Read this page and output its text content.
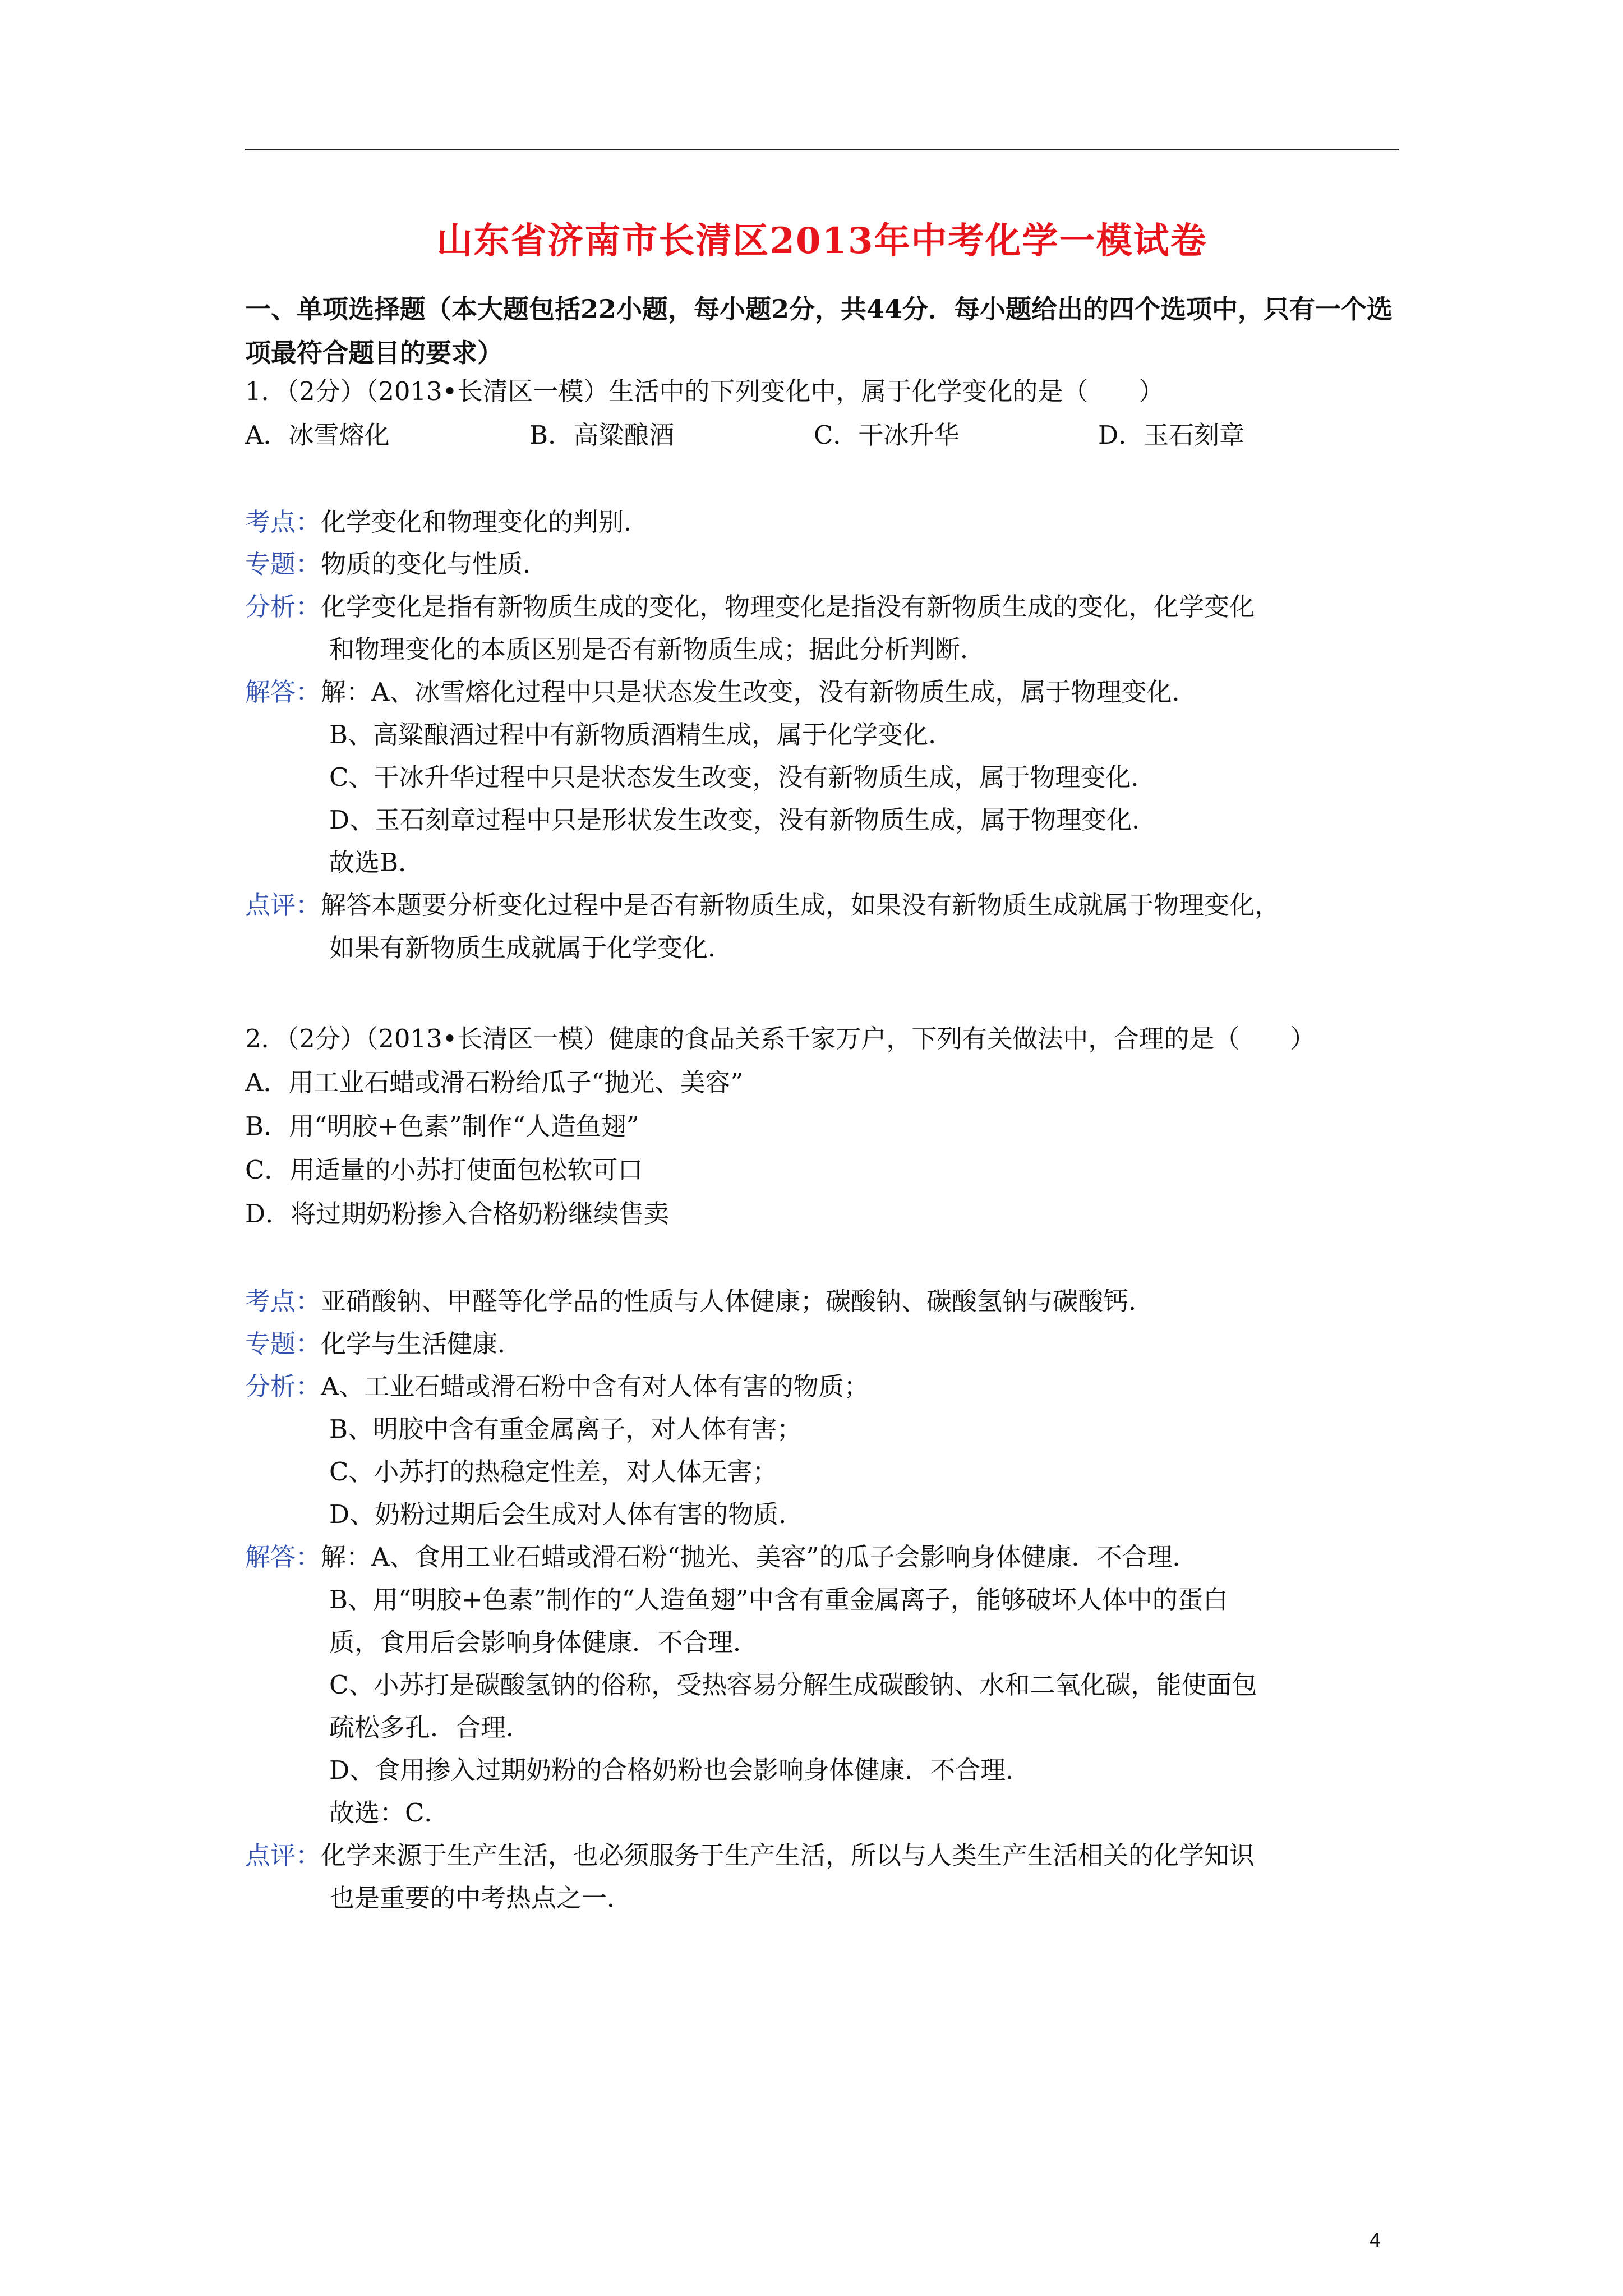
山东省济南市长清区2013年中考化学一模试卷
一、单项选择题（本大题包括22小题，每小题2分，共44分．每小题给出的四个选项中，只有一个选项最符合题目的要求）
1．（2分）（2013•长清区一模）生活中的下列变化中，属于化学变化的是（　　）
A．冰雪熔化	B．高粱酿酒	C．干冰升华	D．玉石刻章
考点：化学变化和物理变化的判别．
专题：物质的变化与性质．
分析：化学变化是指有新物质生成的变化，物理变化是指没有新物质生成的变化，化学变化
和物理变化的本质区别是否有新物质生成；据此分析判断．
解答：解：A、冰雪熔化过程中只是状态发生改变，没有新物质生成，属于物理变化．
B、高粱酿酒过程中有新物质酒精生成，属于化学变化．
C、干冰升华过程中只是状态发生改变，没有新物质生成，属于物理变化．
D、玉石刻章过程中只是形状发生改变，没有新物质生成，属于物理变化．
故选B．
点评：解答本题要分析变化过程中是否有新物质生成，如果没有新物质生成就属于物理变化，
如果有新物质生成就属于化学变化．
2．（2分）（2013•长清区一模）健康的食品关系千家万户，下列有关做法中，合理的是（　　）
A．用工业石蜡或滑石粉给瓜子“抛光、美容”
B．用“明胶+色素”制作“人造鱼翅”
C．用适量的小苏打使面包松软可口
D．将过期奶粉掺入合格奶粉继续售卖
考点：亚硝酸钠、甲醛等化学品的性质与人体健康；碳酸钠、碳酸氢钠与碳酸钙．
专题：化学与生活健康．
分析：A、工业石蜡或滑石粉中含有对人体有害的物质；
B、明胶中含有重金属离子，对人体有害；
C、小苏打的热稳定性差，对人体无害；
D、奶粉过期后会生成对人体有害的物质．
解答：解：A、食用工业石蜡或滑石粉“抛光、美容”的瓜子会影响身体健康．不合理．
B、用“明胶+色素”制作的“人造鱼翅”中含有重金属离子，能够破坏人体中的蛋白
质，食用后会影响身体健康．不合理．
C、小苏打是碳酸氢钠的俗称，受热容易分解生成碳酸钠、水和二氧化碳，能使面包
疏松多孔．合理．
D、食用掺入过期奶粉的合格奶粉也会影响身体健康．不合理．
故选：C．
点评：化学来源于生产生活，也必须服务于生产生活，所以与人类生产生活相关的化学知识
也是重要的中考热点之一．
4
